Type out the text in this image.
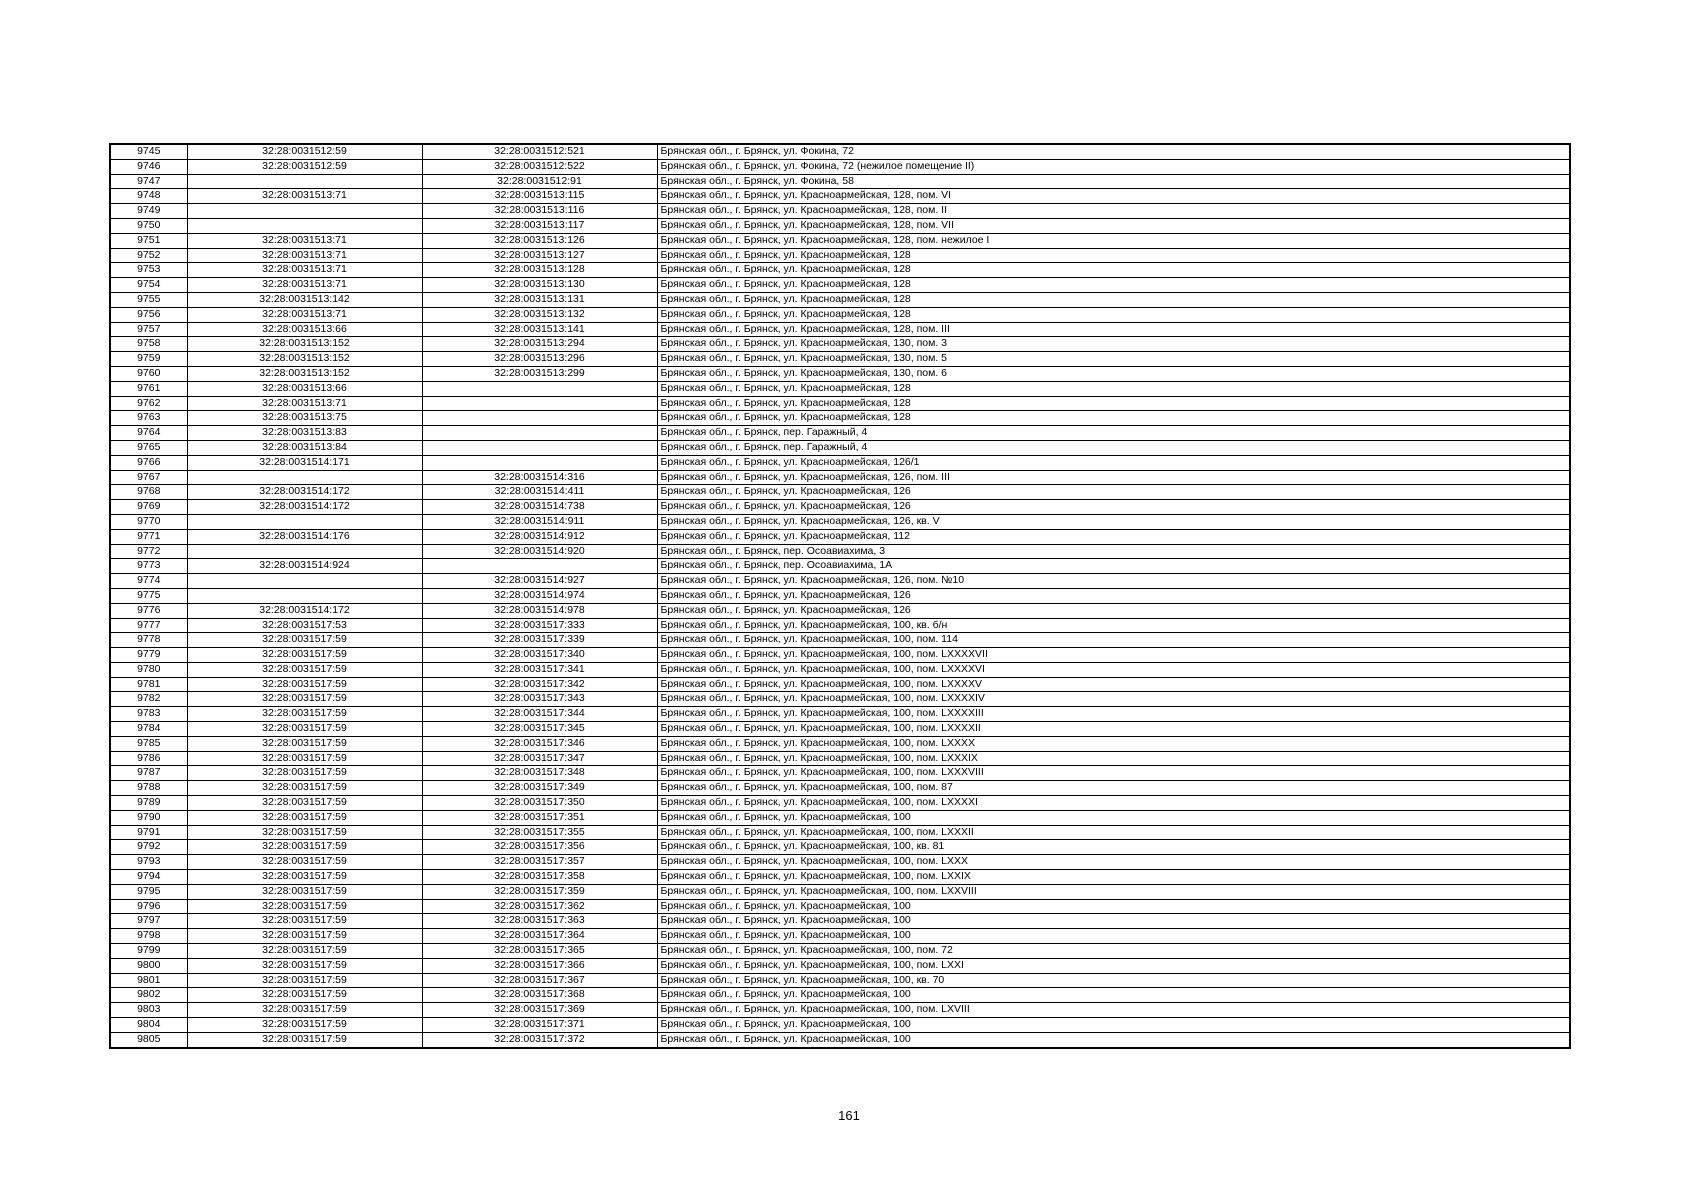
9745	32:28:0031512:59	32:28:0031512:521	Брянская обл., г. Брянск, ул. Фокина, 72
9746	32:28:0031512:59	32:28:0031512:522	Брянская обл., г. Брянск, ул. Фокина, 72 (нежилое помещение II)
9747		32:28:0031512:91	Брянская обл., г. Брянск, ул. Фокина, 58
9748	32:28:0031513:71	32:28:0031513:115	Брянская обл., г. Брянск, ул. Красноармейская, 128, пом. VI
9749		32:28:0031513:116	Брянская обл., г. Брянск, ул. Красноармейская, 128, пом. II
9750		32:28:0031513:117	Брянская обл., г. Брянск, ул. Красноармейская, 128, пом. VII
9751	32:28:0031513:71	32:28:0031513:126	Брянская обл., г. Брянск, ул. Красноармейская, 128, пом. нежилое I
9752	32:28:0031513:71	32:28:0031513:127	Брянская обл., г. Брянск, ул. Красноармейская, 128
9753	32:28:0031513:71	32:28:0031513:128	Брянская обл., г. Брянск, ул. Красноармейская, 128
9754	32:28:0031513:71	32:28:0031513:130	Брянская обл., г. Брянск, ул. Красноармейская, 128
9755	32:28:0031513:142	32:28:0031513:131	Брянская обл., г. Брянск, ул. Красноармейская, 128
9756	32:28:0031513:71	32:28:0031513:132	Брянская обл., г. Брянск, ул. Красноармейская, 128
9757	32:28:0031513:66	32:28:0031513:141	Брянская обл., г. Брянск, ул. Красноармейская, 128, пом. III
9758	32:28:0031513:152	32:28:0031513:294	Брянская обл., г. Брянск, ул. Красноармейская, 130, пом. 3
9759	32:28:0031513:152	32:28:0031513:296	Брянская обл., г. Брянск, ул. Красноармейская, 130, пом. 5
9760	32:28:0031513:152	32:28:0031513:299	Брянская обл., г. Брянск, ул. Красноармейская, 130, пом. 6
9761	32:28:0031513:66		Брянская обл., г. Брянск, ул. Красноармейская, 128
9762	32:28:0031513:71		Брянская обл., г. Брянск, ул. Красноармейская, 128
9763	32:28:0031513:75		Брянская обл., г. Брянск, ул. Красноармейская, 128
9764	32:28:0031513:83		Брянская обл., г. Брянск, пер. Гаражный, 4
9765	32:28:0031513:84		Брянская обл., г. Брянск, пер. Гаражный, 4
9766	32:28:0031514:171		Брянская обл., г. Брянск, ул. Красноармейская, 126/1
9767		32:28:0031514:316	Брянская обл., г. Брянск, ул. Красноармейская, 126, пом. III
9768	32:28:0031514:172	32:28:0031514:411	Брянская обл., г. Брянск, ул. Красноармейская, 126
9769	32:28:0031514:172	32:28:0031514:738	Брянская обл., г. Брянск, ул. Красноармейская, 126
9770		32:28:0031514:911	Брянская обл., г. Брянск, ул. Красноармейская, 126, кв. V
9771	32:28:0031514:176	32:28:0031514:912	Брянская обл., г. Брянск, ул. Красноармейская, 112
9772		32:28:0031514:920	Брянская обл., г. Брянск, пер. Осоавиахима, 3
9773	32:28:0031514:924		Брянская обл., г. Брянск, пер. Осоавиахима, 1А
9774		32:28:0031514:927	Брянская обл., г. Брянск, ул. Красноармейская, 126, пом. №10
9775		32:28:0031514:974	Брянская обл., г. Брянск, ул. Красноармейская, 126
9776	32:28:0031514:172	32:28:0031514:978	Брянская обл., г. Брянск, ул. Красноармейская, 126
9777	32:28:0031517:53	32:28:0031517:333	Брянская обл., г. Брянск, ул. Красноармейская, 100, кв. б/н
9778	32:28:0031517:59	32:28:0031517:339	Брянская обл., г. Брянск, ул. Красноармейская, 100, пом. 114
9779	32:28:0031517:59	32:28:0031517:340	Брянская обл., г. Брянск, ул. Красноармейская, 100, пом. LXXXXVII
9780	32:28:0031517:59	32:28:0031517:341	Брянская обл., г. Брянск, ул. Красноармейская, 100, пом. LXXXXVI
9781	32:28:0031517:59	32:28:0031517:342	Брянская обл., г. Брянск, ул. Красноармейская, 100, пом. LXXXXV
9782	32:28:0031517:59	32:28:0031517:343	Брянская обл., г. Брянск, ул. Красноармейская, 100, пом. LXXXXIV
9783	32:28:0031517:59	32:28:0031517:344	Брянская обл., г. Брянск, ул. Красноармейская, 100, пом. LXXXXIII
9784	32:28:0031517:59	32:28:0031517:345	Брянская обл., г. Брянск, ул. Красноармейская, 100, пом. LXXXXII
9785	32:28:0031517:59	32:28:0031517:346	Брянская обл., г. Брянск, ул. Красноармейская, 100, пом. LXXXX
9786	32:28:0031517:59	32:28:0031517:347	Брянская обл., г. Брянск, ул. Красноармейская, 100, пом. LXXXIX
9787	32:28:0031517:59	32:28:0031517:348	Брянская обл., г. Брянск, ул. Красноармейская, 100, пом. LXXXVIII
9788	32:28:0031517:59	32:28:0031517:349	Брянская обл., г. Брянск, ул. Красноармейская, 100, пом. 87
9789	32:28:0031517:59	32:28:0031517:350	Брянская обл., г. Брянск, ул. Красноармейская, 100, пом. LXXXXI
9790	32:28:0031517:59	32:28:0031517:351	Брянская обл., г. Брянск, ул. Красноармейская, 100
9791	32:28:0031517:59	32:28:0031517:355	Брянская обл., г. Брянск, ул. Красноармейская, 100, пом. LXXXII
9792	32:28:0031517:59	32:28:0031517:356	Брянская обл., г. Брянск, ул. Красноармейская, 100, кв. 81
9793	32:28:0031517:59	32:28:0031517:357	Брянская обл., г. Брянск, ул. Красноармейская, 100, пом. LXXX
9794	32:28:0031517:59	32:28:0031517:358	Брянская обл., г. Брянск, ул. Красноармейская, 100, пом. LXXIX
9795	32:28:0031517:59	32:28:0031517:359	Брянская обл., г. Брянск, ул. Красноармейская, 100, пом. LXXVIII
9796	32:28:0031517:59	32:28:0031517:362	Брянская обл., г. Брянск, ул. Красноармейская, 100
9797	32:28:0031517:59	32:28:0031517:363	Брянская обл., г. Брянск, ул. Красноармейская, 100
9798	32:28:0031517:59	32:28:0031517:364	Брянская обл., г. Брянск, ул. Красноармейская, 100
9799	32:28:0031517:59	32:28:0031517:365	Брянская обл., г. Брянск, ул. Красноармейская, 100, пом. 72
9800	32:28:0031517:59	32:28:0031517:366	Брянская обл., г. Брянск, ул. Красноармейская, 100, пом. LXXI
9801	32:28:0031517:59	32:28:0031517:367	Брянская обл., г. Брянск, ул. Красноармейская, 100, кв. 70
9802	32:28:0031517:59	32:28:0031517:368	Брянская обл., г. Брянск, ул. Красноармейская, 100
9803	32:28:0031517:59	32:28:0031517:369	Брянская обл., г. Брянск, ул. Красноармейская, 100, пом. LXVIII
9804	32:28:0031517:59	32:28:0031517:371	Брянская обл., г. Брянск, ул. Красноармейская, 100
9805	32:28:0031517:59	32:28:0031517:372	Брянская обл., г. Брянск, ул. Красноармейская, 100
161
